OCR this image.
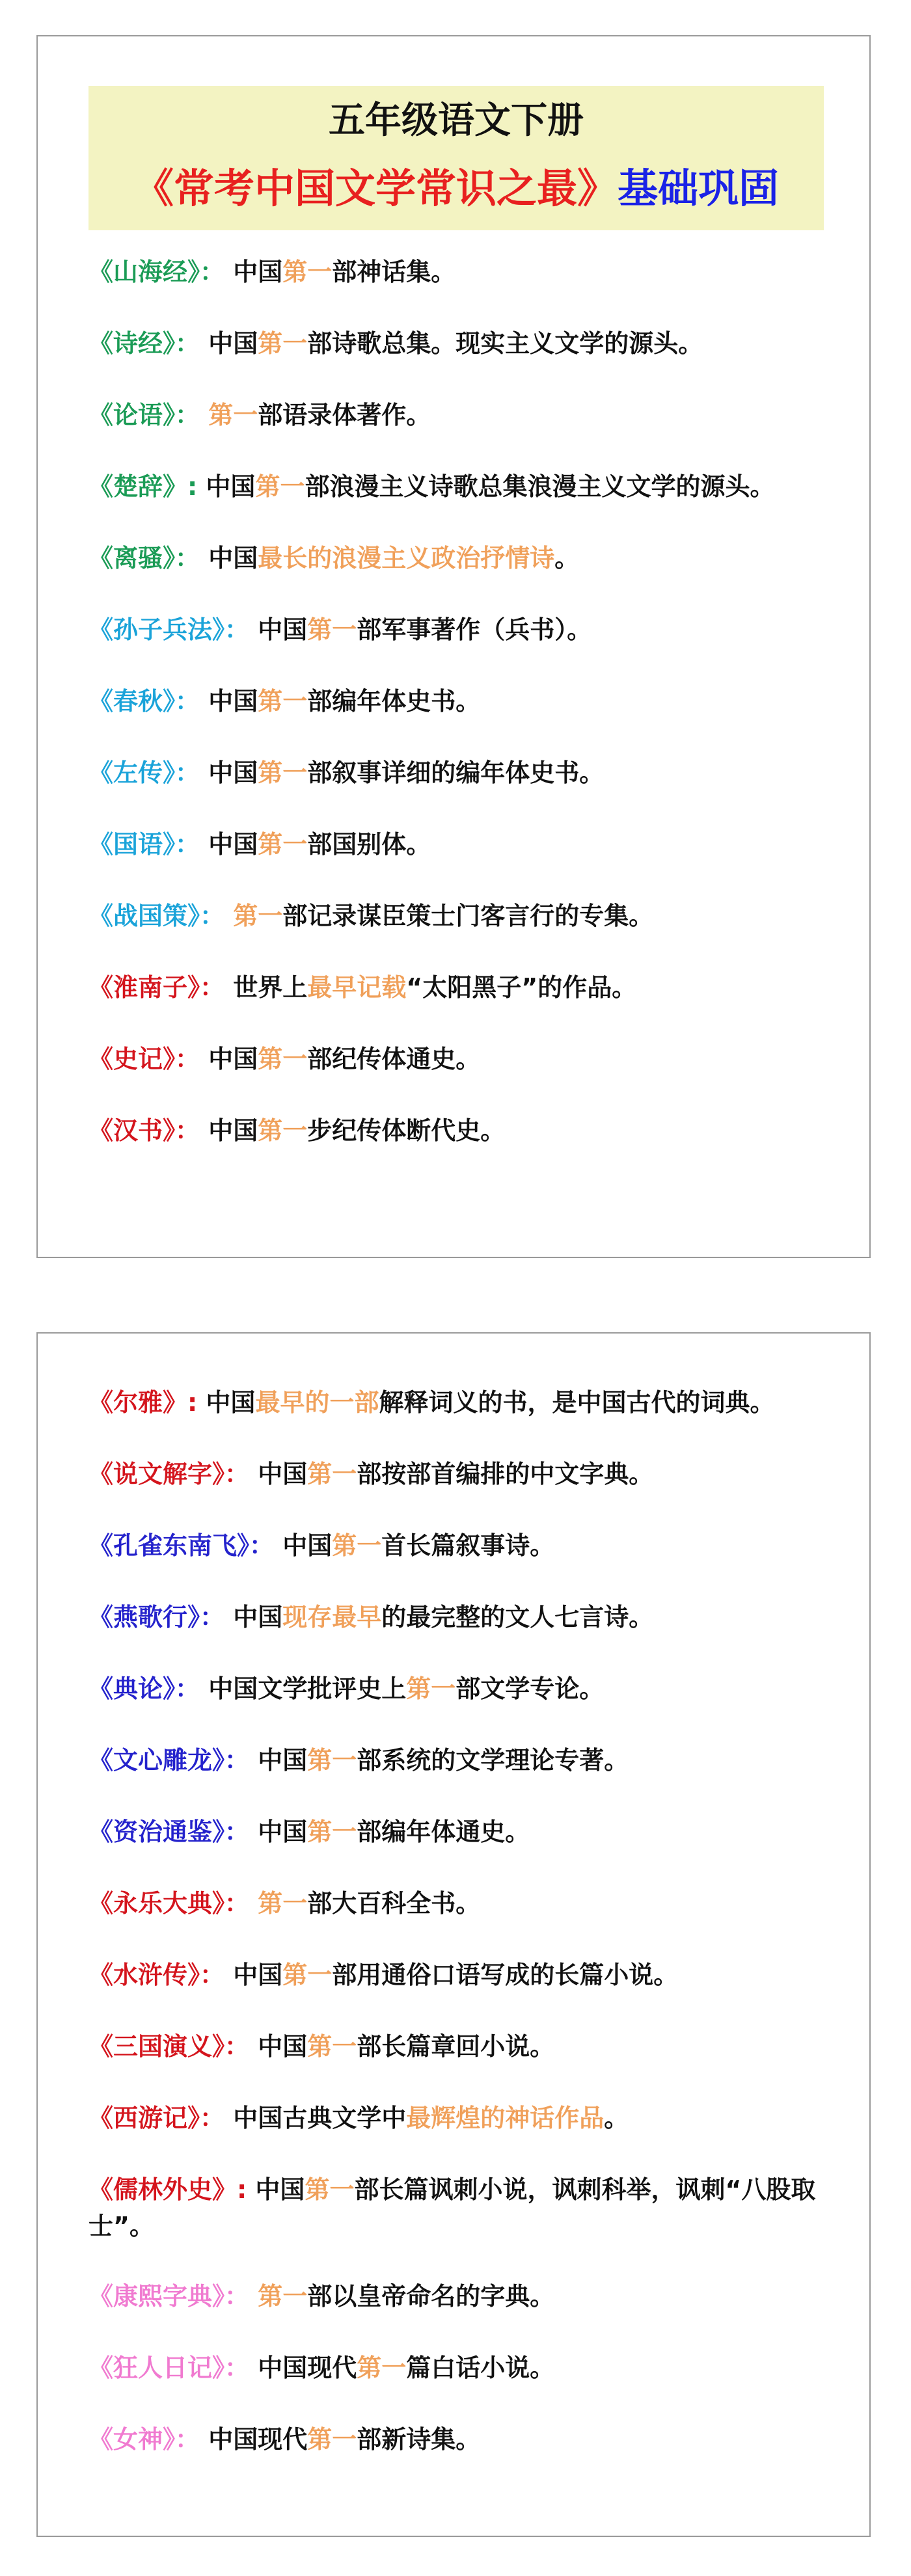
五年级语文下册
《常考中国文学常识之最》基础巩固

《山海经》： 中国第一部神话集。

《诗经》： 中国第一部诗歌总集。现实主义文学的源头。

《论语》： 第一部语录体著作。

《楚辞》: 中国第一部浪漫主义诗歌总集浪漫主义文学的源头。

《离骚》： 中国最长的浪漫主义政治抒情诗。

《孙子兵法》： 中国第一部军事著作（兵书）。

《春秋》： 中国第一部编年体史书。

《左传》： 中国第一部叙事详细的编年体史书。

《国语》： 中国第一部国别体。

《战国策》： 第一部记录谋臣策士门客言行的专集。

《淮南子》： 世界上最早记载“太阳黑子”的作品。

《史记》： 中国第一部纪传体通史。

《汉书》： 中国第一步纪传体断代史。

《尔雅》: 中国最早的一部解释词义的书，是中国古代的词典。

《说文解字》： 中国第一部按部首编排的中文字典。

《孔雀东南飞》： 中国第一首长篇叙事诗。

《燕歌行》： 中国现存最早的最完整的文人七言诗。

《典论》： 中国文学批评史上第一部文学专论。

《文心雕龙》： 中国第一部系统的文学理论专著。

《资治通鉴》： 中国第一部编年体通史。

《永乐大典》： 第一部大百科全书。

《水浒传》： 中国第一部用通俗口语写成的长篇小说。

《三国演义》： 中国第一部长篇章回小说。

《西游记》： 中国古典文学中最辉煌的神话作品。

《儒林外史》: 中国第一部长篇讽刺小说，讽刺科举，讽刺“八股取士”。

《康熙字典》： 第一部以皇帝命名的字典。

《狂人日记》： 中国现代第一篇白话小说。

《女神》： 中国现代第一部新诗集。
